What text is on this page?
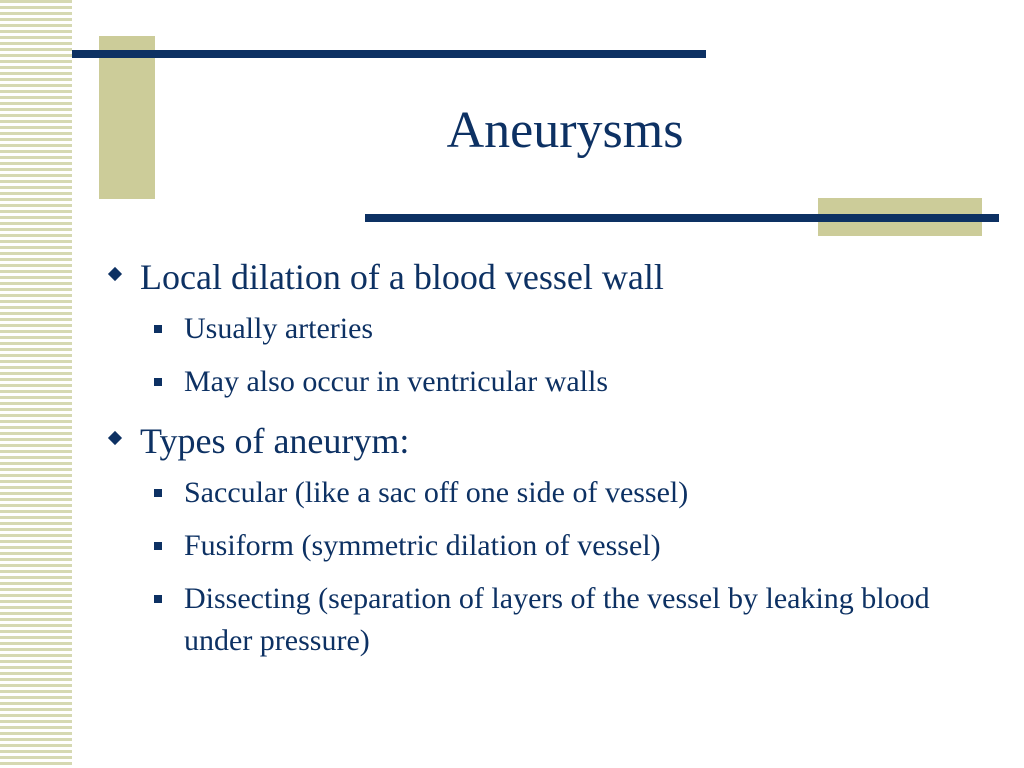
Aneurysms
Local dilation of a blood vessel wall
Usually arteries
May also occur in ventricular walls
Types of aneurym:
Saccular (like a sac off one side of vessel)
Fusiform (symmetric dilation of vessel)
Dissecting (separation of layers of the vessel by leaking blood under pressure)
